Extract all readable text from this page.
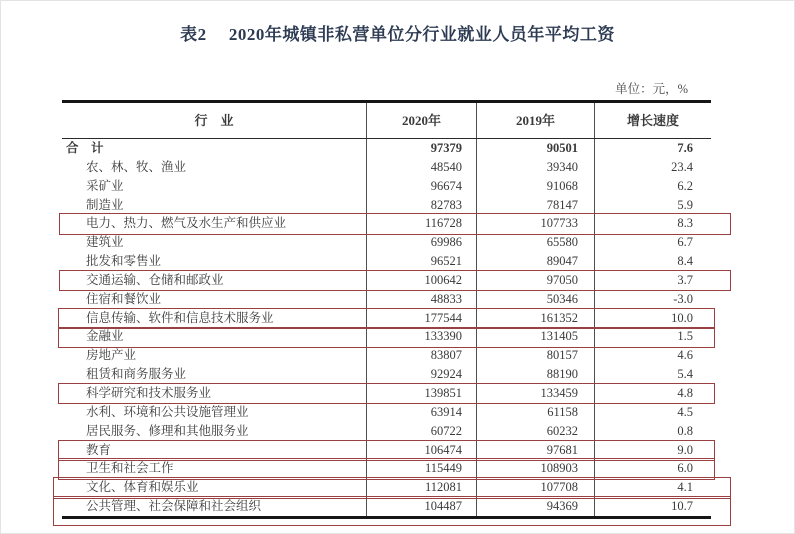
表2　 2020年城镇非私营单位分行业就业人员年平均工资
单位：元，%
行　业	2020年	2019年	增长速度
合　计	97379	90501	7.6
农、林、牧、渔业	48540	39340	23.4
采矿业	96674	91068	6.2
制造业	82783	78147	5.9
电力、热力、燃气及水生产和供应业	116728	107733	8.3
建筑业	69986	65580	6.7
批发和零售业	96521	89047	8.4
交通运输、仓储和邮政业	100642	97050	3.7
住宿和餐饮业	48833	50346	-3.0
信息传输、软件和信息技术服务业	177544	161352	10.0
金融业	133390	131405	1.5
房地产业	83807	80157	4.6
租赁和商务服务业	92924	88190	5.4
科学研究和技术服务业	139851	133459	4.8
水利、环境和公共设施管理业	63914	61158	4.5
居民服务、修理和其他服务业	60722	60232	0.8
教育	106474	97681	9.0
卫生和社会工作	115449	108903	6.0
文化、体育和娱乐业	112081	107708	4.1
公共管理、社会保障和社会组织	104487	94369	10.7
